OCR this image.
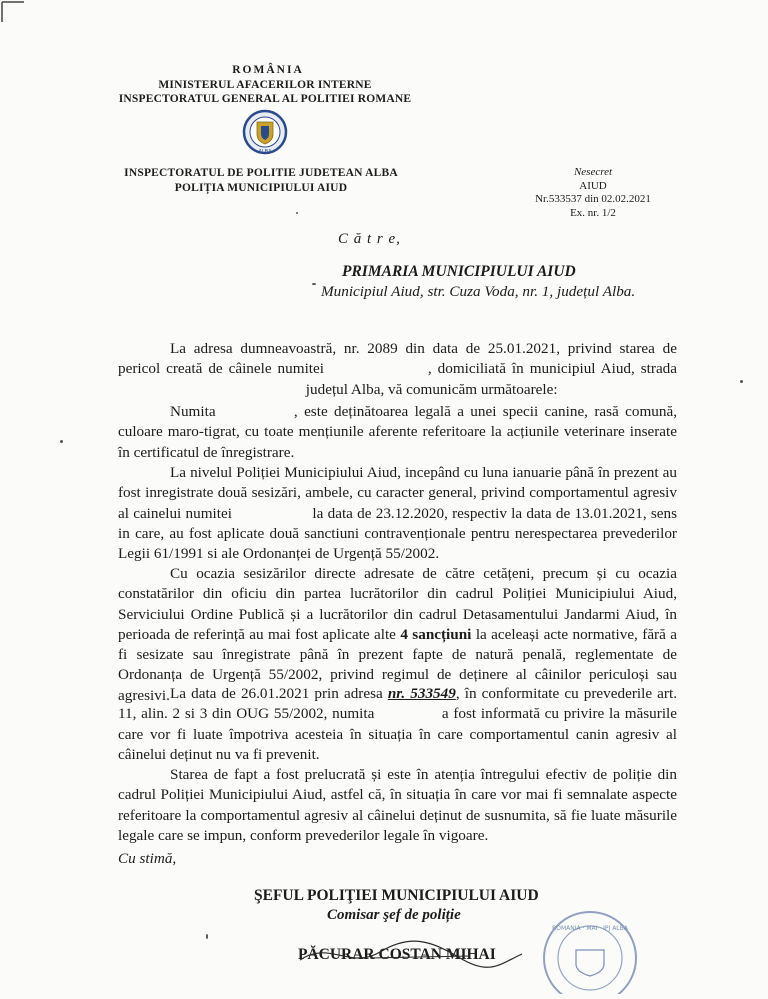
ROMÂNIA
MINISTERUL AFACERILOR INTERNE
INSPECTORATUL GENERAL AL POLITIEI ROMANE
ALBA
INSPECTORATUL DE POLITIE JUDETEAN ALBA
POLIȚIA MUNICIPIULUI AIUD
Nesecret
AIUD
Nr.533537 din 02.02.2021
Ex. nr. 1/2
C ă t r e,
PRIMARIA MUNICIPIULUI AIUD
Municipiul Aiud, str. Cuza Voda, nr. 1, județul Alba.
La adresa dumneavoastră, nr. 2089 din data de 25.01.2021, privind starea de pericol creată de câinele numitei	, domiciliată în municipiul Aiud, strada  județul Alba, vă comunicăm următoarele:
Numita	, este deținătoarea legală a unei specii canine, rasă comună, culoare maro-tigrat, cu toate mențiunile aferente referitoare la acțiunile veterinare inserate în certificatul de înregistrare.
La nivelul Poliției Municipiului Aiud, incepând cu luna ianuarie până în prezent au fost inregistrate două sesizări, ambele, cu caracter general, privind comportamentul agresiv al cainelui numitei	la data de 23.12.2020, respectiv la data de 13.01.2021, sens in care, au fost aplicate două sanctiuni contravenționale pentru nerespectarea prevederilor Legii 61/1991 si ale Ordonanței de Urgență 55/2002.
Cu ocazia sesizărilor directe adresate de către cetățeni, precum și cu ocazia constatărilor din oficiu din partea lucrătorilor din cadrul Poliției Municipiului Aiud, Serviciului Ordine Publică și a lucrătorilor din cadrul Detasamentului Jandarmi Aiud, în perioada de referință au mai fost aplicate alte 4 sancțiuni la aceleași acte normative, fără a fi sesizate sau înregistrate până în prezent fapte de natură penală, reglementate de Ordonanța de Urgență 55/2002, privind regimul de deținere al câinilor periculoși sau agresivi. La data de 26.01.2021 prin adresa nr. 533549, în conformitate cu prevederile art. 11, alin. 2 si 3 din OUG 55/2002, numita	a fost informată cu privire la măsurile care vor fi luate împotriva acesteia în situația în care comportamentul canin agresiv al câinelui deținut nu va fi prevenit.
Starea de fapt a fost prelucrată și este în atenția întregului efectiv de poliție din cadrul Poliției Municipiului Aiud, astfel că, în situația în care vor mai fi semnalate aspecte referitoare la comportamentul agresiv al câinelui deținut de susnumita, să fie luate măsurile legale care se impun, conform prevederilor legale în vigoare.
Cu stimă,
ŞEFUL POLIŢIEI MUNICIPIULUI AIUD
Comisar şef de poliție
PĂCURAR COSTAN MIHAI
ROMANIA · MAI · IPJ ALBA
